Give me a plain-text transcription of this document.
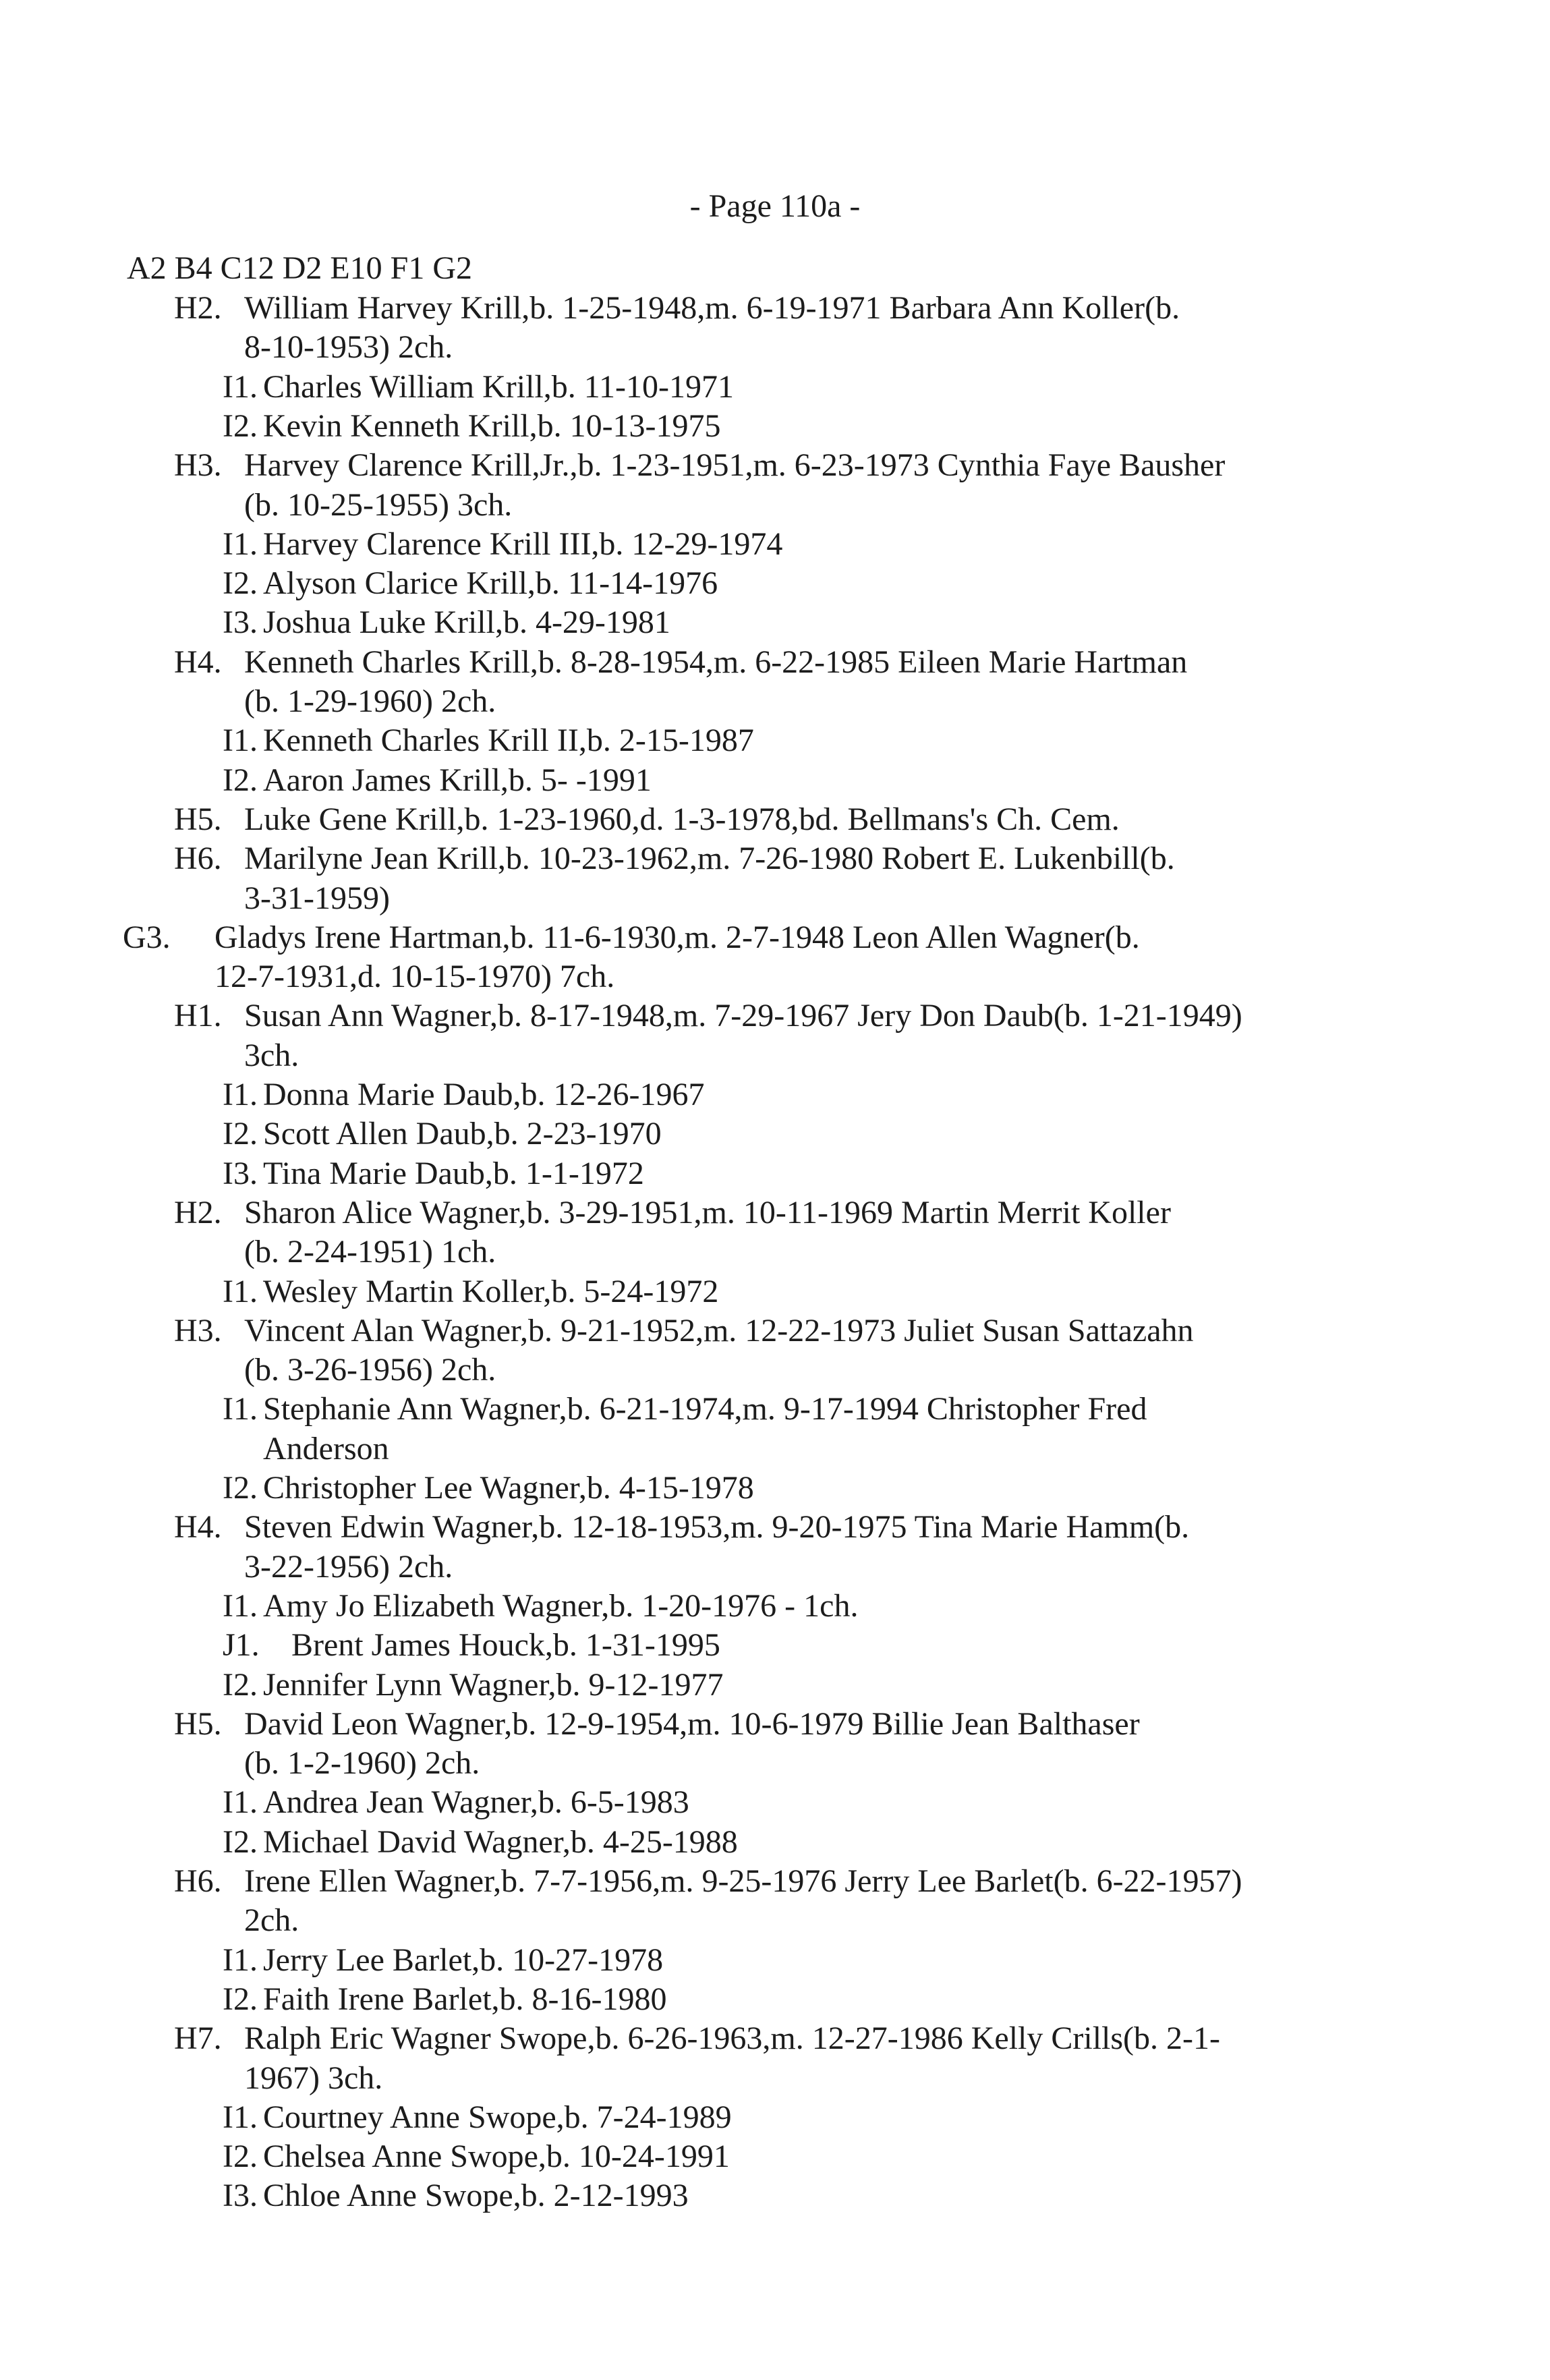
- Page 110a -
A2 B4 C12 D2 E10 F1 G2
H2. William Harvey Krill,b. 1-25-1948,m. 6-19-1971 Barbara Ann Koller(b.
8-10-1953) 2ch.
I1. Charles William Krill,b. 11-10-1971
I2. Kevin Kenneth Krill,b. 10-13-1975
H3. Harvey Clarence Krill,Jr.,b. 1-23-1951,m. 6-23-1973 Cynthia Faye Bausher
(b. 10-25-1955) 3ch.
I1. Harvey Clarence Krill III,b. 12-29-1974
I2. Alyson Clarice Krill,b. 11-14-1976
I3. Joshua Luke Krill,b. 4-29-1981
H4. Kenneth Charles Krill,b. 8-28-1954,m. 6-22-1985 Eileen Marie Hartman
(b. 1-29-1960) 2ch.
I1. Kenneth Charles Krill II,b. 2-15-1987
I2. Aaron James Krill,b. 5- -1991
H5. Luke Gene Krill,b. 1-23-1960,d. 1-3-1978,bd. Bellmans's Ch. Cem.
H6. Marilyne Jean Krill,b. 10-23-1962,m. 7-26-1980 Robert E. Lukenbill(b.
3-31-1959)
G3. Gladys Irene Hartman,b. 11-6-1930,m. 2-7-1948 Leon Allen Wagner(b.
12-7-1931,d. 10-15-1970) 7ch.
H1. Susan Ann Wagner,b. 8-17-1948,m. 7-29-1967 Jery Don Daub(b. 1-21-1949)
3ch.
I1. Donna Marie Daub,b. 12-26-1967
I2. Scott Allen Daub,b. 2-23-1970
I3. Tina Marie Daub,b. 1-1-1972
H2. Sharon Alice Wagner,b. 3-29-1951,m. 10-11-1969 Martin Merrit Koller
(b. 2-24-1951) 1ch.
I1. Wesley Martin Koller,b. 5-24-1972
H3. Vincent Alan Wagner,b. 9-21-1952,m. 12-22-1973 Juliet Susan Sattazahn
(b. 3-26-1956) 2ch.
I1. Stephanie Ann Wagner,b. 6-21-1974,m. 9-17-1994 Christopher Fred
Anderson
I2. Christopher Lee Wagner,b. 4-15-1978
H4. Steven Edwin Wagner,b. 12-18-1953,m. 9-20-1975 Tina Marie Hamm(b.
3-22-1956) 2ch.
I1. Amy Jo Elizabeth Wagner,b. 1-20-1976 - 1ch.
J1. Brent James Houck,b. 1-31-1995
I2. Jennifer Lynn Wagner,b. 9-12-1977
H5. David Leon Wagner,b. 12-9-1954,m. 10-6-1979 Billie Jean Balthaser
(b. 1-2-1960) 2ch.
I1. Andrea Jean Wagner,b. 6-5-1983
I2. Michael David Wagner,b. 4-25-1988
H6. Irene Ellen Wagner,b. 7-7-1956,m. 9-25-1976 Jerry Lee Barlet(b. 6-22-1957)
2ch.
I1. Jerry Lee Barlet,b. 10-27-1978
I2. Faith Irene Barlet,b. 8-16-1980
H7. Ralph Eric Wagner Swope,b. 6-26-1963,m. 12-27-1986 Kelly Crills(b. 2-1-
1967) 3ch.
I1. Courtney Anne Swope,b. 7-24-1989
I2. Chelsea Anne Swope,b. 10-24-1991
I3. Chloe Anne Swope,b. 2-12-1993
